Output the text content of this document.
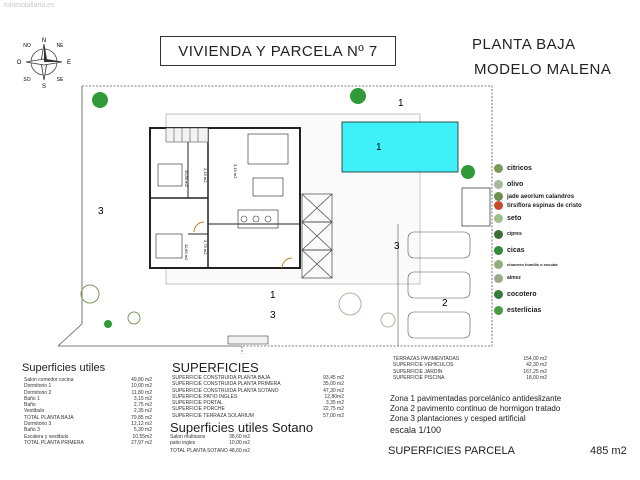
tuinmobiliaria.es
N
S
E
O
NE
NO
SE
SO
VIVIENDA Y PARCELA Nº 7	PLANTA BAJA
MODELO MALENA
1
3
1
1
2
3
3
10,50 m2	2,15 m2	3,15 m2
11,80 m2	2,75 m2
citricos
olivo
jade aeorium calandros
tirsiflora espinas de cristo
seto
cipres
cicas
chumero humilis o escoba
aimez
cocotero
esterlicias
Superficies utiles
Salon comedor cocina	49,80 m2
Dormitorio 1	10,00 m2
Dormitorio 2	11,80 m2
Baño 1	3,15 m2
Baño	2,75 m2
Vestibulo	2,35 m2
TOTAL PLANTA BAJA	79,85 m2
Dormitorio 3	12,12 m2
Baño 3	5,30 m2
Escalera y vestibulo	10,55m2
TOTAL PLANTA PRIMERA	27,97 m2
SUPERFICIES
SUPERFICIE CONSTRUIDA PLANTA BAJA	93,45 m2
SUPERFICIE CONSTRUIDA PLANTA PRIMERA	35,00 m2
SUPERFICIE CONSTRUIDA PLANTA SOTANO	47,30 m2
SUPERFICIE PATIO INGLES	12,80m2
SUPERFICIE PORTAL	3,35 m2
SUPERFICIE PORCHE	22,75 m2
SUPERFICIE TERRAZA SOLARIUM	57,00 m2
Superficies utiles Sotano
Salon multiusos	38,60 m2
patio ingles	10,00 m2
TOTAL PLANTA SOTANO 48,60 m2
TERRAZAS PAVIMENTADAS	154,00 m2
SUPERFICIE VEHICULOS	42,30 m2
SUPERFICIE JARDIN	167,25 m2
SUPERFICIE PISCINA	18,00 m2
Zona 1 pavimentadas porcelánico antideslizante
Zona 2 pavimento continuo de hormigon tratado
Zona 3 plantaciones y cesped artificial
escala 1/100
SUPERFICIES PARCELA	485 m2
